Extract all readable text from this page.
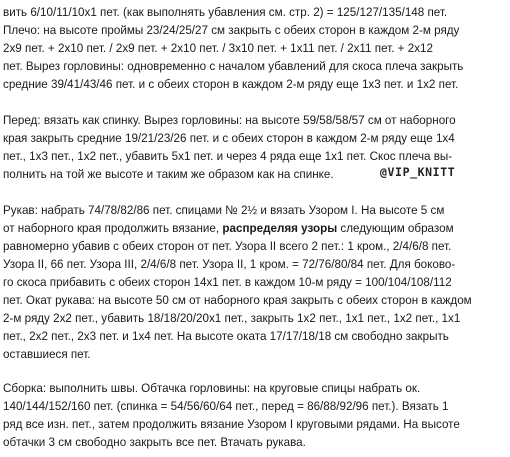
вить 6/10/11/10х1 пет. (как выполнять убавления см. стр. 2) = 125/127/135/148 пет.
Плечо: на высоте проймы 23/24/25/27 см закрыть с обеих сторон в каждом 2-м ряду
2х9 пет. + 2х10 пет. / 2х9 пет. + 2х10 пет. / 3х10 пет. + 1х11 пет. / 2х11 пет. + 2х12
пет. Вырез горловины: одновременно с началом убавлений для скоса плеча закрыть
средние 39/41/43/46 пет. и с обеих сторон в каждом 2-м ряду еще 1х3 пет. и 1х2 пет.
Перед: вязать как спинку. Вырез горловины: на высоте 59/58/58/57 см от наборного
края закрыть средние 19/21/23/26 пет. и с обеих сторон в каждом 2-м ряду еще 1х4
пет., 1х3 пет., 1х2 пет., убавить 5х1 пет. и через 4 ряда еще 1х1 пет. Скос плеча вы-
полнить на той же высоте и таким же образом как на спинке.	@VIP_KNITT
Рукав: набрать 74/78/82/86 пет. спицами № 2½ и вязать Узором I. На высоте 5 см
от наборного края продолжить вязание, распределяя узоры следующим образом
равномерно убавив с обеих сторон от пет. Узора II всего 2 пет.: 1 кром., 2/4/6/8 пет.
Узора II, 66 пет. Узора III, 2/4/6/8 пет. Узора II, 1 кром. = 72/76/80/84 пет. Для боково-
го скоса прибавить с обеих сторон 14х1 пет. в каждом 10-м ряду = 100/104/108/112
пет. Окат рукава: на высоте 50 см от наборного края закрыть с обеих сторон в каждом
2-м ряду 2х2 пет., убавить 18/18/20/20х1 пет., закрыть 1х2 пет., 1х1 пет., 1х2 пет., 1х1
пет., 2х2 пет., 2х3 пет. и 1х4 пет. На высоте оката 17/17/18/18 см свободно закрыть
оставшиеся пет.
Сборка: выполнить швы. Обтачка горловины: на круговые спицы набрать ок.
140/144/152/160 пет. (спинка = 54/56/60/64 пет., перед = 86/88/92/96 пет.). Вязать 1
ряд все изн. пет., затем продолжить вязание Узором I круговыми рядами. На высоте
обтачки 3 см свободно закрыть все пет. Втачать рукава.
